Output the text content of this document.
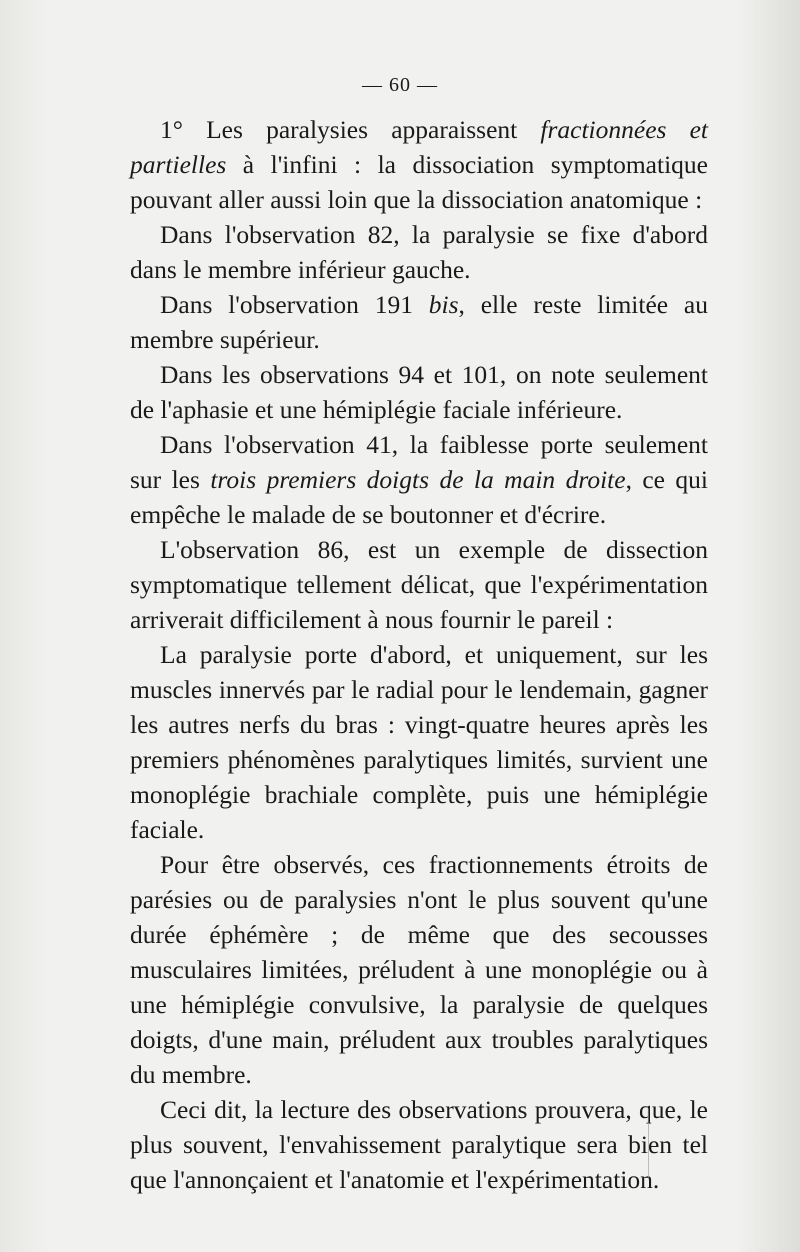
— 60 —

1° Les paralysies apparaissent fractionnées et partielles à l'infini : la dissociation symptomatique pouvant aller aussi loin que la dissociation anatomique :

Dans l'observation 82, la paralysie se fixe d'abord dans le membre inférieur gauche.

Dans l'observation 191 bis, elle reste limitée au membre supérieur.

Dans les observations 94 et 101, on note seulement de l'aphasie et une hémiplégie faciale inférieure.

Dans l'observation 41, la faiblesse porte seulement sur les trois premiers doigts de la main droite, ce qui empêche le malade de se boutonner et d'écrire.

L'observation 86, est un exemple de dissection symptomatique tellement délicat, que l'expérimentation arriverait difficilement à nous fournir le pareil :

La paralysie porte d'abord, et uniquement, sur les muscles innervés par le radial pour le lendemain, gagner les autres nerfs du bras : vingt-quatre heures après les premiers phénomènes paralytiques limités, survient une monoplégie brachiale complète, puis une hémiplégie faciale.

Pour être observés, ces fractionnements étroits de parésies ou de paralysies n'ont le plus souvent qu'une durée éphémère ; de même que des secousses musculaires limitées, préludent à une monoplégie ou à une hémiplégie convulsive, la paralysie de quelques doigts, d'une main, préludent aux troubles paralytiques du membre.

Ceci dit, la lecture des observations prouvera, que, le plus souvent, l'envahissement paralytique sera bien tel que l'annonçaient et l'anatomie et l'expérimentation.
